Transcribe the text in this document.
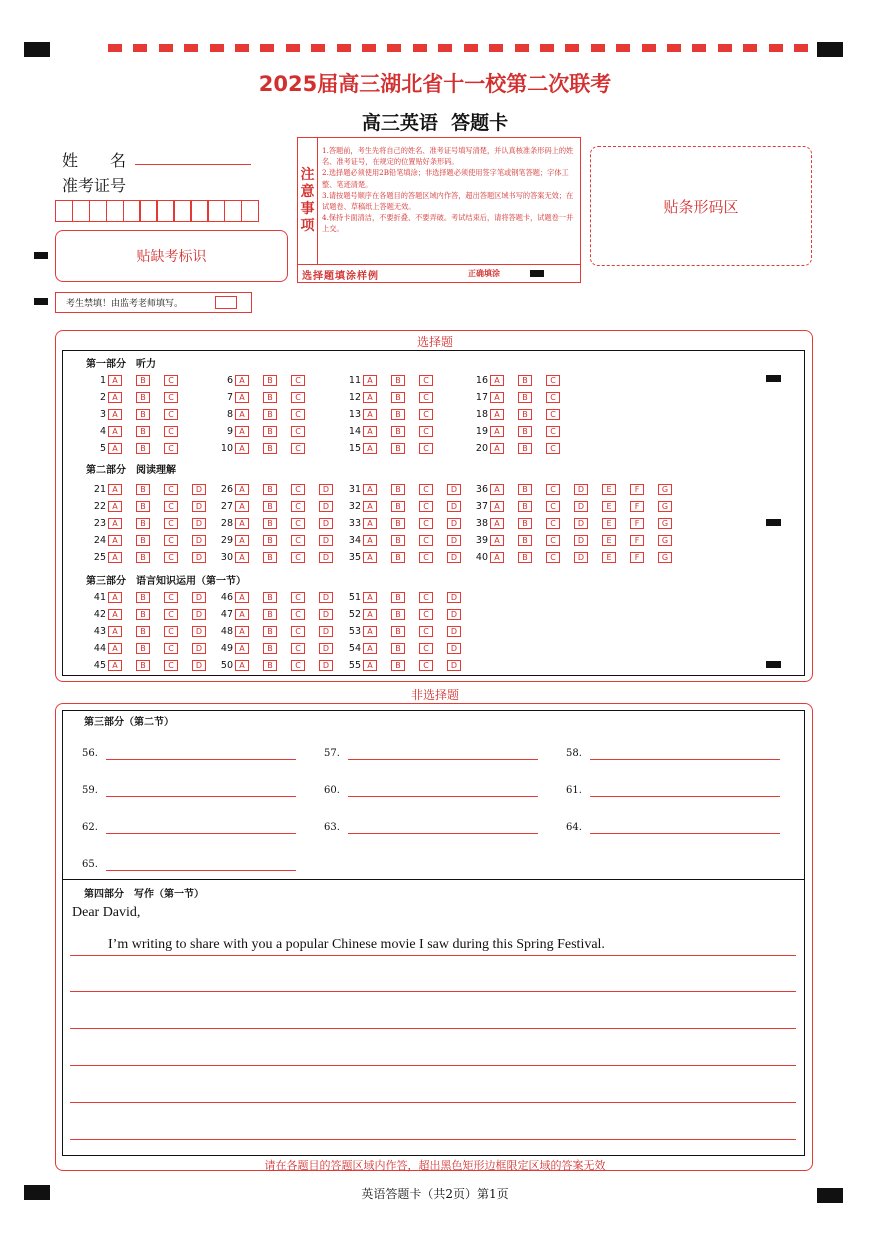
2025届高三湖北省十一校第二次联考
高三英语  答题卡
姓　　名
准考证号
贴缺考标识
考生禁填！由监考老师填写。
注
意
事
项
1.答题前，考生先将自己的姓名、准考证号填写清楚，并认真核准条形码上的姓名、准考证号，在规定的位置贴好条形码。
2.选择题必须使用2B铅笔填涂；非选择题必须使用签字笔或钢笔答题；字体工整、笔迹清楚。
3.请按题号顺序在各题目的答题区域内作答，超出答题区域书写的答案无效；在试题卷、草稿纸上答题无效。
4.保持卡面清洁，不要折叠、不要弄破。考试结束后，请将答题卡，试题卷一并上交。
选择题填涂样例	正确填涂
贴条形码区
选择题
第一部分　听力
第二部分　阅读理解
第三部分　语言知识运用（第一节）
1 A	B	C
2 A	B	C
3 A	B	C
4 A	B	C
5 A	B	C
6 A	B	C
7 A	B	C
8 A	B	C
9 A	B	C
10 A	B	C
11 A	B	C
12 A	B	C
13 A	B	C
14 A	B	C
15 A	B	C
16 A	B	C
17 A	B	C
18 A	B	C
19 A	B	C
20 A	B	C
21 A	B	C	D
22 A	B	C	D
23 A	B	C	D
24 A	B	C	D
25 A	B	C	D
26 A	B	C	D
27 A	B	C	D
28 A	B	C	D
29 A	B	C	D
30 A	B	C	D
31 A	B	C	D
32 A	B	C	D
33 A	B	C	D
34 A	B	C	D
35 A	B	C	D
36 A	B	C	D	E	F	G
37 A	B	C	D	E	F	G
38 A	B	C	D	E	F	G
39 A	B	C	D	E	F	G
40 A	B	C	D	E	F	G
41 A	B	C	D
42 A	B	C	D
43 A	B	C	D
44 A	B	C	D
45 A	B	C	D
46 A	B	C	D
47 A	B	C	D
48 A	B	C	D
49 A	B	C	D
50 A	B	C	D
51 A	B	C	D
52 A	B	C	D
53 A	B	C	D
54 A	B	C	D
55 A	B	C	D
非选择题
第三部分（第二节）
56.	57.	58.
59.	60.	61.
62.	63.	64.
65.
第四部分　写作（第一节）
Dear David,
I’m writing to share with you a popular Chinese movie I saw during this Spring Festival.
请在各题目的答题区域内作答，超出黑色矩形边框限定区域的答案无效
英语答题卡（共2页）第1页
